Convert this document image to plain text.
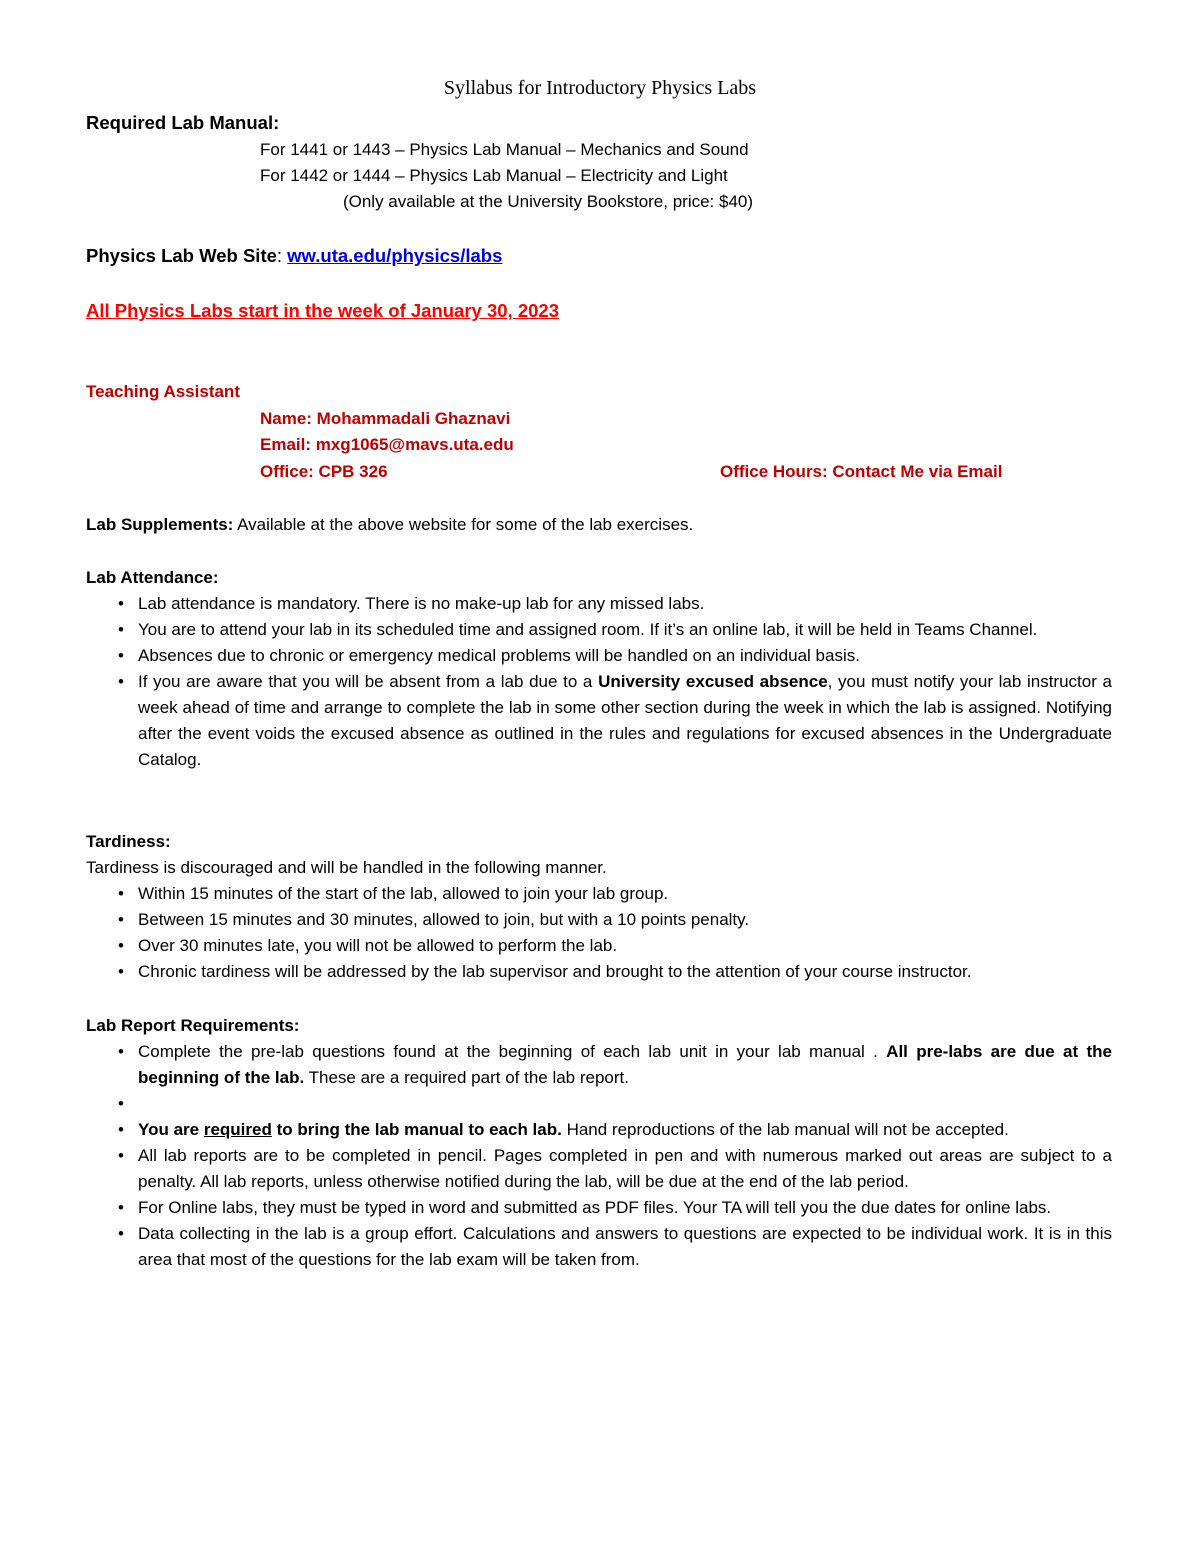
Syllabus for Introductory Physics Labs
Required Lab Manual:
For 1441 or 1443 – Physics Lab Manual – Mechanics and Sound
For 1442 or 1444 – Physics Lab Manual – Electricity and Light
(Only available at the University Bookstore, price: $40)
Physics Lab Web Site: ww.uta.edu/physics/labs
All Physics Labs start in the week of January 30, 2023
Teaching Assistant
Name: Mohammadali Ghaznavi
Email: mxg1065@mavs.uta.edu
Office: CPB 326	Office Hours: Contact Me via Email
Lab Supplements: Available at the above website for some of the lab exercises.
Lab Attendance:
• Lab attendance is mandatory. There is no make-up lab for any missed labs.
• You are to attend your lab in its scheduled time and assigned room. If it’s an online lab, it will be held in Teams Channel.
• Absences due to chronic or emergency medical problems will be handled on an individual basis.
• If you are aware that you will be absent from a lab due to a University excused absence, you must notify your lab instructor a week ahead of time and arrange to complete the lab in some other section during the week in which the lab is assigned. Notifying after the event voids the excused absence as outlined in the rules and regulations for excused absences in the Undergraduate Catalog.
Tardiness:
Tardiness is discouraged and will be handled in the following manner.
• Within 15 minutes of the start of the lab, allowed to join your lab group.
• Between 15 minutes and 30 minutes, allowed to join, but with a 10 points penalty.
• Over 30 minutes late, you will not be allowed to perform the lab.
• Chronic tardiness will be addressed by the lab supervisor and brought to the attention of your course instructor.
Lab Report Requirements:
• Complete the pre-lab questions found at the beginning of each lab unit in your lab manual . All pre-labs are due at the beginning of the lab. These are a required part of the lab report.
•
• You are required to bring the lab manual to each lab. Hand reproductions of the lab manual will not be accepted.
• All lab reports are to be completed in pencil. Pages completed in pen and with numerous marked out areas are subject to a penalty. All lab reports, unless otherwise notified during the lab, will be due at the end of the lab period.
• For Online labs, they must be typed in word and submitted as PDF files. Your TA will tell you the due dates for online labs.
• Data collecting in the lab is a group effort. Calculations and answers to questions are expected to be individual work. It is in this area that most of the questions for the lab exam will be taken from.
